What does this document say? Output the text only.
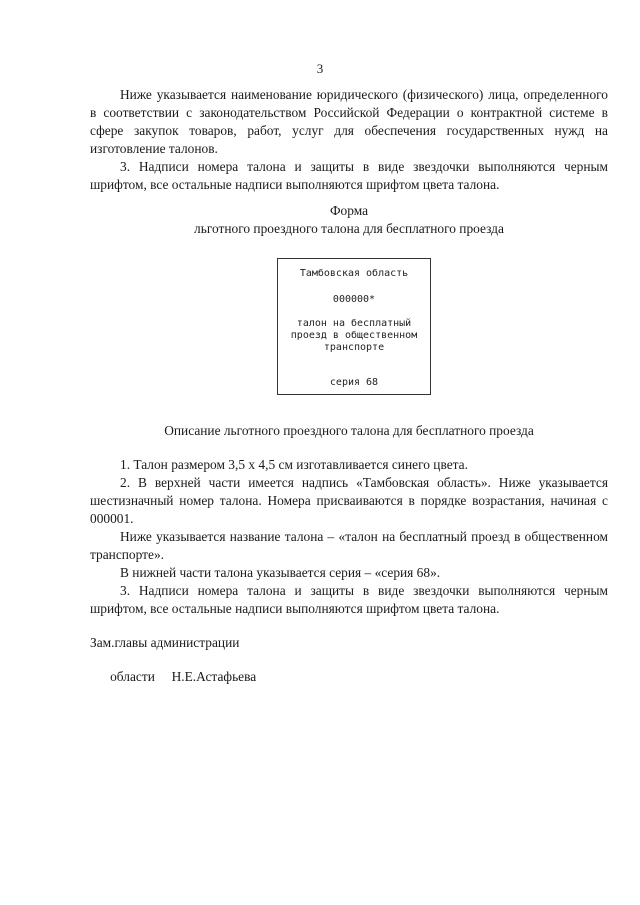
3

Ниже указывается наименование юридического (физического) лица, определенного в соответствии с законодательством Российской Федерации о контрактной системе в сфере закупок товаров, работ, услуг для обеспечения государственных нужд на изготовление талонов.

3. Надписи номера талона и защиты в виде звездочки выполняются черным шрифтом, все остальные надписи выполняются шрифтом цвета талона.

Форма
льготного проездного талона для бесплатного проезда
Тамбовская область
000000*
талон на бесплатный
проезд в общественном
транспорте
серия 68
Описание льготного проездного талона для бесплатного проезда

1. Талон размером 3,5 х 4,5 см изготавливается синего цвета.

2. В верхней части имеется надпись «Тамбовская область». Ниже указывается шестизначный номер талона. Номера присваиваются в порядке возрастания, начиная с 000001.

Ниже указывается название талона – «талон на бесплатный проезд в общественном транспорте».

В нижней части талона указывается серия – «серия 68».

3. Надписи номера талона и защиты в виде звездочки выполняются черным шрифтом, все остальные надписи выполняются шрифтом цвета талона.

Зам.главы администрации

области Н.Е.Астафьева
